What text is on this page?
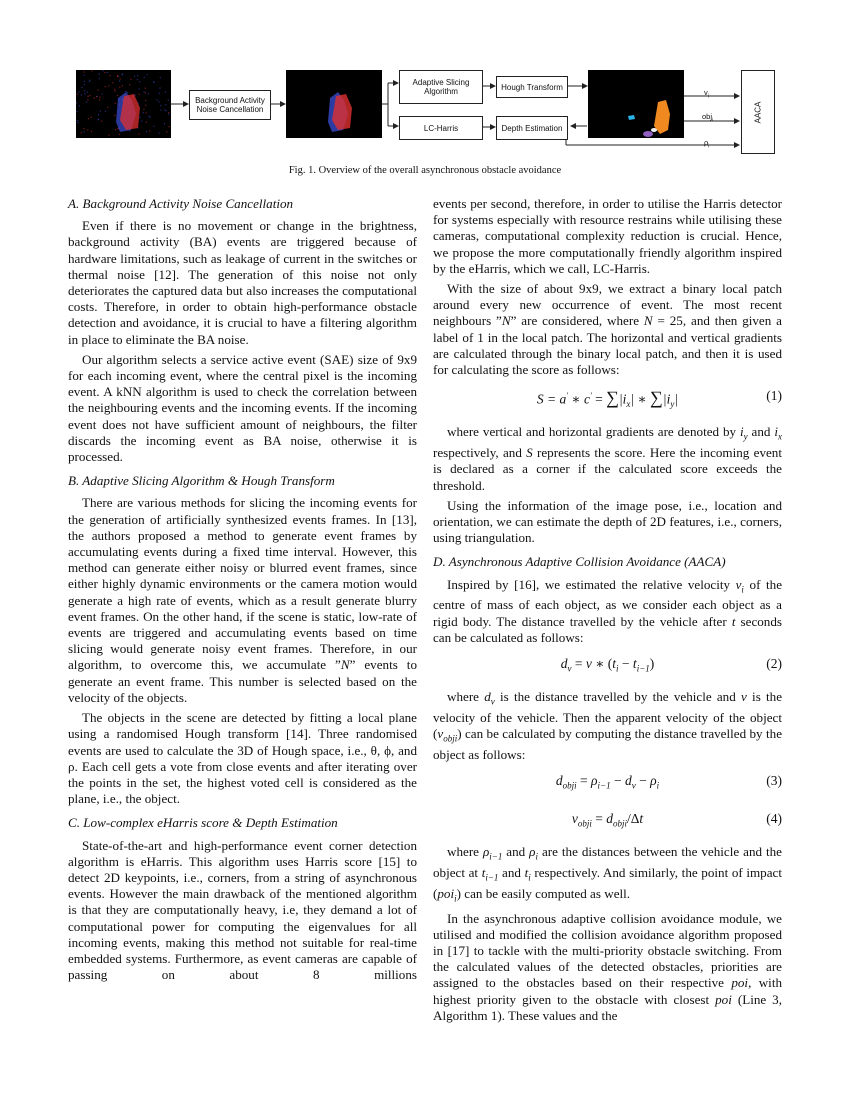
Background Activity Noise Cancellation
Adaptive Slicing Algorithm	Hough Transform
LC-Harris	Depth Estimation
$v_i$
obj$_i$
$\rho_i$
AACA
Fig. 1. Overview of the overall asynchronous obstacle avoidance
A. Background Activity Noise Cancellation

Even if there is no movement or change in the brightness, background activity (BA) events are triggered because of hardware limitations, such as leakage of current in the switches or thermal noise [12]. The generation of this noise not only deteriorates the captured data but also increases the computational costs. Therefore, in order to obtain high-performance obstacle detection and avoidance, it is crucial to have a filtering algorithm in place to eliminate the BA noise.

Our algorithm selects a service active event (SAE) size of 9x9 for each incoming event, where the central pixel is the incoming event. A kNN algorithm is used to check the correlation between the neighbouring events and the incoming events. If the incoming event does not have sufficient amount of neighbours, the filter discards the incoming event as BA noise, otherwise it is processed.

B. Adaptive Slicing Algorithm & Hough Transform

There are various methods for slicing the incoming events for the generation of artificially synthesized events frames. In [13], the authors proposed a method to generate event frames by accumulating events during a fixed time interval. However, this method can generate either noisy or blurred event frames, since either highly dynamic environments or the camera motion would generate a high rate of events, which as a result generate blurry event frames. On the other hand, if the scene is static, low-rate of events are triggered and accumulating events based on time slicing would generate noisy event frames. Therefore, in our algorithm, to overcome this, we accumulate ”N” events to generate an event frame. This number is selected based on the velocity of the objects.

The objects in the scene are detected by fitting a local plane using a randomised Hough transform [14]. Three randomised events are used to calculate the 3D of Hough space, i.e., θ, ϕ, and ρ. Each cell gets a vote from close events and after iterating over the points in the set, the highest voted cell is considered as the plane, i.e., the object.

C. Low-complex eHarris score & Depth Estimation

State-of-the-art and high-performance event corner detection algorithm is eHarris. This algorithm uses Harris score [15] to detect 2D keypoints, i.e., corners, from a string of asynchronous events. However the main drawback of the mentioned algorithm is that they are computationally heavy, i.e, they demand a lot of computational power for computing the eigenvalues for all incoming events, making this method not suitable for real-time embedded systems. Furthermore, as event cameras are capable of passing on about 8 millions

events per second, therefore, in order to utilise the Harris detector for systems especially with resource restrains while utilising these cameras, computational complexity reduction is crucial. Hence, we propose the more computationally friendly algorithm inspired by the eHarris, which we call, LC-Harris.

With the size of about 9x9, we extract a binary local patch around every new occurrence of event. The most recent neighbours ”N” are considered, where N = 25, and then given a label of 1 in the local patch. The horizontal and vertical gradients are calculated through the binary local patch, and then it is used for calculating the score as follows:

S = a′ ∗ $c' = \sum|i_x|$ ∗ $\sum|i_y|$	(1)

where vertical and horizontal gradients are denoted by $i_y$ and $i_x$ respectively, and S represents the score. Here the incoming event is declared as a corner if the calculated score exceeds the threshold.

Using the information of the image pose, i.e., location and orientation, we can estimate the depth of 2D features, i.e., corners, using triangulation.

D. Asynchronous Adaptive Collision Avoidance (AACA)

Inspired by [16], we estimated the relative velocity $v_i$ of the centre of mass of each object, as we consider each object as a rigid body. The distance travelled by the vehicle after t seconds can be calculated as follows:

$d_v = v$ ∗ $(t_i - t_{i-1})$	(2)

where $d_v$ is the distance travelled by the vehicle and v is the velocity of the vehicle. Then the apparent velocity of the object $(v_{obji})$ can be calculated by computing the distance travelled by the object as follows:

$d_{obji} = \rho_{i-1} - d_v - \rho_i$	(3)
$v_{obji} = d_{obji}/\Delta t$	(4)

where $\rho_{i-1}$ and $\rho_i$ are the distances between the vehicle and the object at $t_{i-1}$ and $t_i$ respectively. And similarly, the point of impact (poi$_i$) can be easily computed as well.

In the asynchronous adaptive collision avoidance module, we utilised and modified the collision avoidance algorithm proposed in [17] to tackle with the multi-priority obstacle switching. From the calculated values of the detected obstacles, priorities are assigned to the obstacles based on their respective poi, with highest priority given to the obstacle with closest poi (Line 3, Algorithm 1). These values and the
